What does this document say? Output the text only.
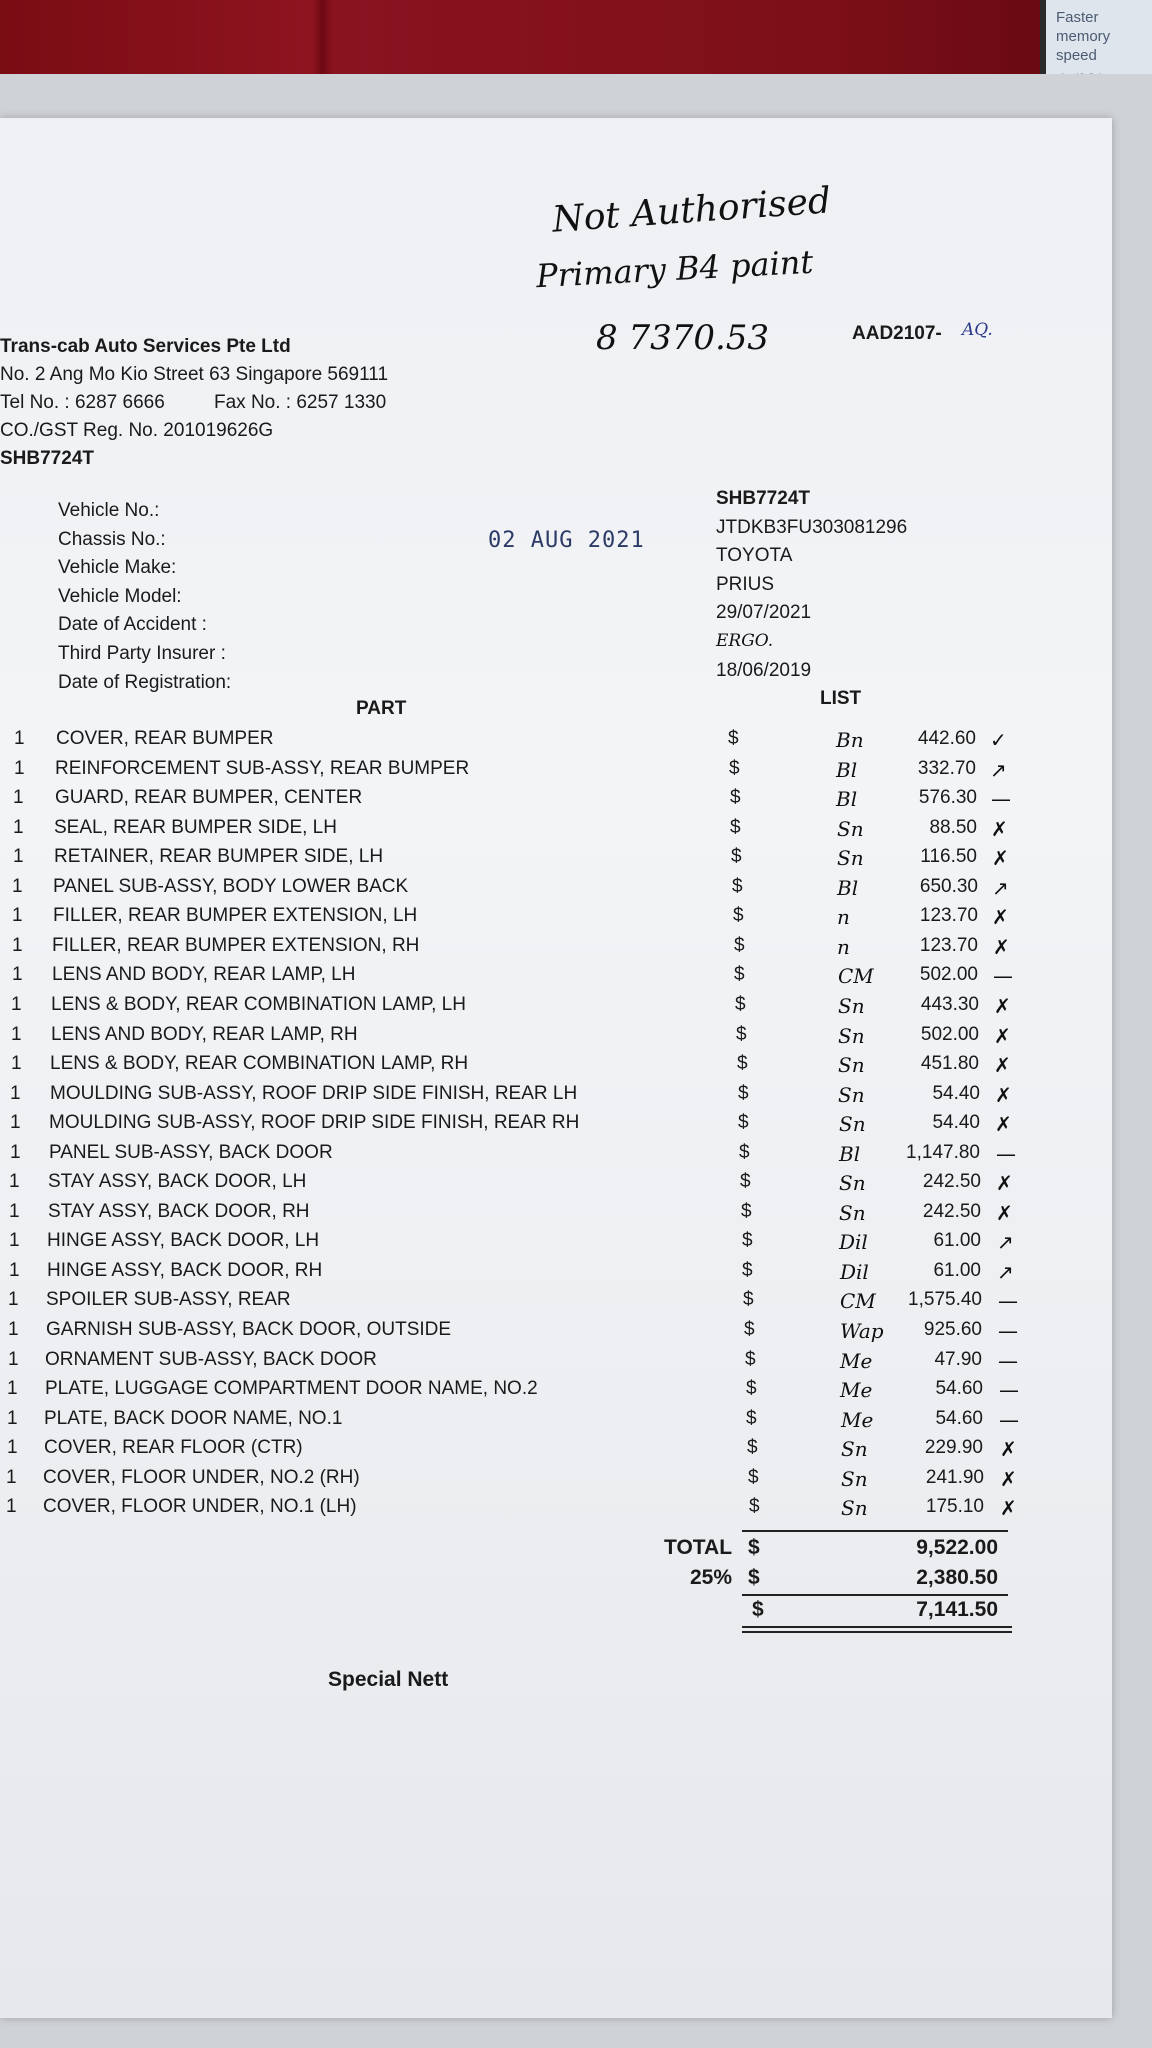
Faster
memory
speed
Not Authorised
Primary B4 paint
8 7370.53	AAD2107- AQ.
Trans-cab Auto Services Pte Ltd
No. 2 Ang Mo Kio Street 63 Singapore 569111
Tel No. : 6287 6666	Fax No. : 6257 1330
CO./GST Reg. No. 201019626G
SHB7724T
02 AUG 2021
Vehicle No.:
SHB7724T
Chassis No.:
JTDKB3FU303081296
Vehicle Make:
TOYOTA
Vehicle Model:
PRIUS
Date of Accident :
29/07/2021
Third Party Insurer :
ERGO.
Date of Registration:
18/06/2019
PART	LIST
1 COVER, REAR BUMPER	$	Bn	442.60 ✓
1 REINFORCEMENT SUB-ASSY, REAR BUMPER	$	Bl	332.70 ↗
1 GUARD, REAR BUMPER, CENTER	$	Bl	576.30 —
1 SEAL, REAR BUMPER SIDE, LH	$	Sn	88.50 ✗
1 RETAINER, REAR BUMPER SIDE, LH	$	Sn	116.50 ✗
1 PANEL SUB-ASSY, BODY LOWER BACK	$	Bl	650.30 ↗
1 FILLER, REAR BUMPER EXTENSION, LH	$	n	123.70 ✗
1 FILLER, REAR BUMPER EXTENSION, RH	$	n	123.70 ✗
1 LENS AND BODY, REAR LAMP, LH	$	CM	502.00 —
1 LENS & BODY, REAR COMBINATION LAMP, LH	$	Sn	443.30 ✗
1 LENS AND BODY, REAR LAMP, RH	$	Sn	502.00 ✗
1 LENS & BODY, REAR COMBINATION LAMP, RH	$	Sn	451.80 ✗
1 MOULDING SUB-ASSY, ROOF DRIP SIDE FINISH, REAR LH	$	Sn	54.40 ✗
1 MOULDING SUB-ASSY, ROOF DRIP SIDE FINISH, REAR RH	$	Sn	54.40 ✗
1 PANEL SUB-ASSY, BACK DOOR	$	Bl	1,147.80 —
1 STAY ASSY, BACK DOOR, LH	$	Sn	242.50 ✗
1 STAY ASSY, BACK DOOR, RH	$	Sn	242.50 ✗
1 HINGE ASSY, BACK DOOR, LH	$	Dil	61.00 ↗
1 HINGE ASSY, BACK DOOR, RH	$	Dil	61.00 ↗
1 SPOILER SUB-ASSY, REAR	$	CM	1,575.40 —
1 GARNISH SUB-ASSY, BACK DOOR, OUTSIDE	$	Wap	925.60 —
1 ORNAMENT SUB-ASSY, BACK DOOR	$	Me	47.90 —
1 PLATE, LUGGAGE COMPARTMENT DOOR NAME, NO.2	$	Me	54.60 —
1 PLATE, BACK DOOR NAME, NO.1	$	Me	54.60 —
1 COVER, REAR FLOOR (CTR)	$	Sn	229.90 ✗
1 COVER, FLOOR UNDER, NO.2 (RH)	$	Sn	241.90 ✗
1 COVER, FLOOR UNDER, NO.1 (LH)	$	Sn	175.10 ✗
TOTAL $	9,522.00
25% $	2,380.50
$	7,141.50
Special Nett
